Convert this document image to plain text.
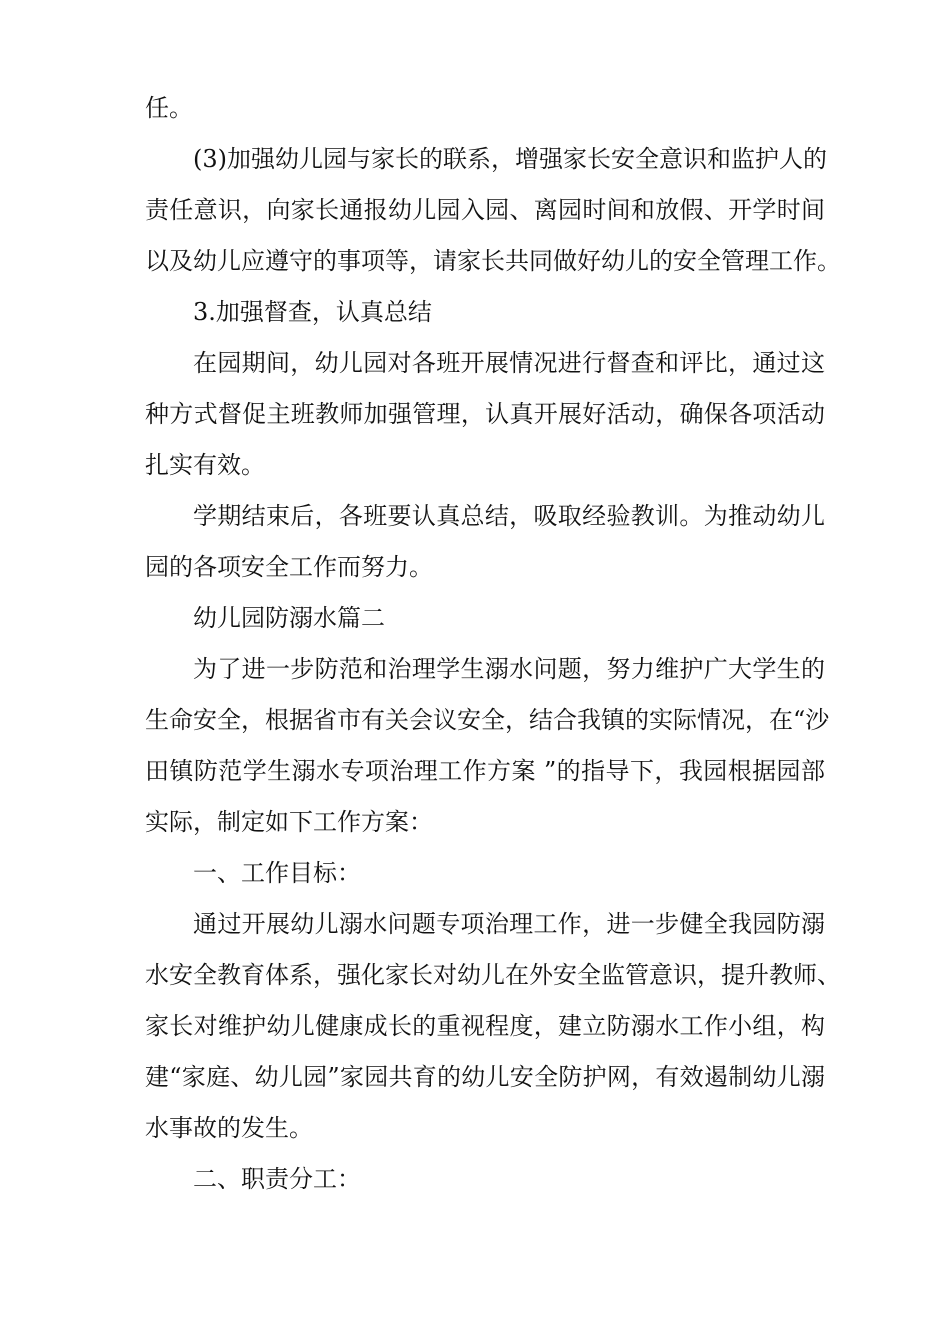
任。
(3)加强幼儿园与家长的联系，增强家长安全意识和监护人的
责任意识，向家长通报幼儿园入园、离园时间和放假、开学时间
以及幼儿应遵守的事项等，请家长共同做好幼儿的安全管理工作。
3.加强督查，认真总结
在园期间，幼儿园对各班开展情况进行督查和评比，通过这
种方式督促主班教师加强管理，认真开展好活动，确保各项活动
扎实有效。
学期结束后，各班要认真总结，吸取经验教训。为推动幼儿
园的各项安全工作而努力。
幼儿园防溺水篇二
为了进一步防范和治理学生溺水问题，努力维护广大学生的
生命安全，根据省市有关会议安全，结合我镇的实际情况，在“沙
田镇防范学生溺水专项治理工作方案 ”的指导下，我园根据园部
实际，制定如下工作方案：
一、工作目标：
通过开展幼儿溺水问题专项治理工作，进一步健全我园防溺
水安全教育体系，强化家长对幼儿在外安全监管意识，提升教师、
家长对维护幼儿健康成长的重视程度，建立防溺水工作小组，构
建“家庭、幼儿园”家园共育的幼儿安全防护网，有效遏制幼儿溺
水事故的发生。
二、职责分工：
